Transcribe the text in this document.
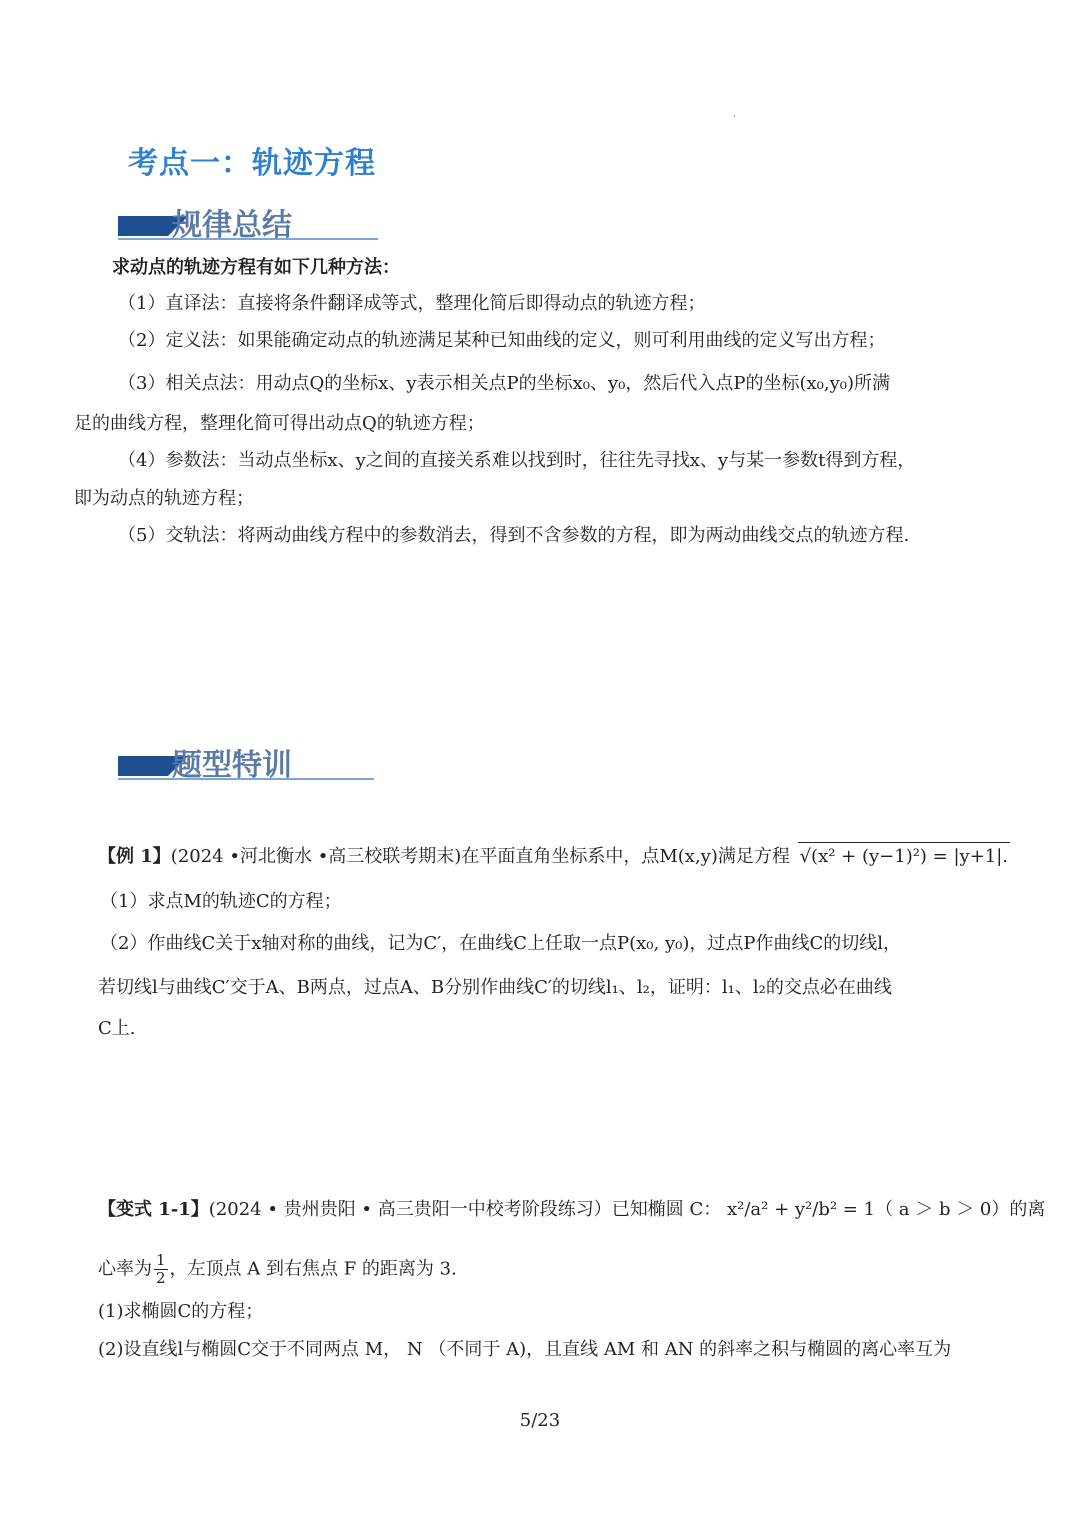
·
考点一：轨迹方程
规律总结
求动点的轨迹方程有如下几种方法：
（1）直译法：直接将条件翻译成等式，整理化简后即得动点的轨迹方程；
（2）定义法：如果能确定动点的轨迹满足某种已知曲线的定义，则可利用曲线的定义写出方程；
（3）相关点法：用动点Q的坐标x、y表示相关点P的坐标x₀、y₀，然后代入点P的坐标(x₀,y₀)所满
足的曲线方程，整理化简可得出动点Q的轨迹方程；
（4）参数法：当动点坐标x、y之间的直接关系难以找到时，往往先寻找x、y与某一参数t得到方程，
即为动点的轨迹方程；
（5）交轨法：将两动曲线方程中的参数消去，得到不含参数的方程，即为两动曲线交点的轨迹方程.
题型特训
【例 1】(2024 •河北衡水 •高三校联考期末)在平面直角坐标系中，点M(x,y)满足方程 √(x² + (y−1)²) = |y+1|.
（1）求点M的轨迹C的方程；
（2）作曲线C关于x轴对称的曲线，记为C′，在曲线C上任取一点P(x₀, y₀)，过点P作曲线C的切线l，
若切线l与曲线C′交于A、B两点，过点A、B分别作曲线C′的切线l₁、l₂，证明：l₁、l₂的交点必在曲线
C上.
【变式 1-1】(2024 • 贵州贵阳 • 高三贵阳一中校考阶段练习）已知椭圆 C： x²/a² + y²/b² = 1（ a ＞ b ＞ 0）的离
心率为 $\frac{1}{2}$ ，左顶点 A 到右焦点 F 的距离为 3.
(1)求椭圆C的方程；
(2)设直线l与椭圆C交于不同两点 M， N （不同于 A)，且直线 AM 和 AN 的斜率之积与椭圆的离心率互为
5/23
